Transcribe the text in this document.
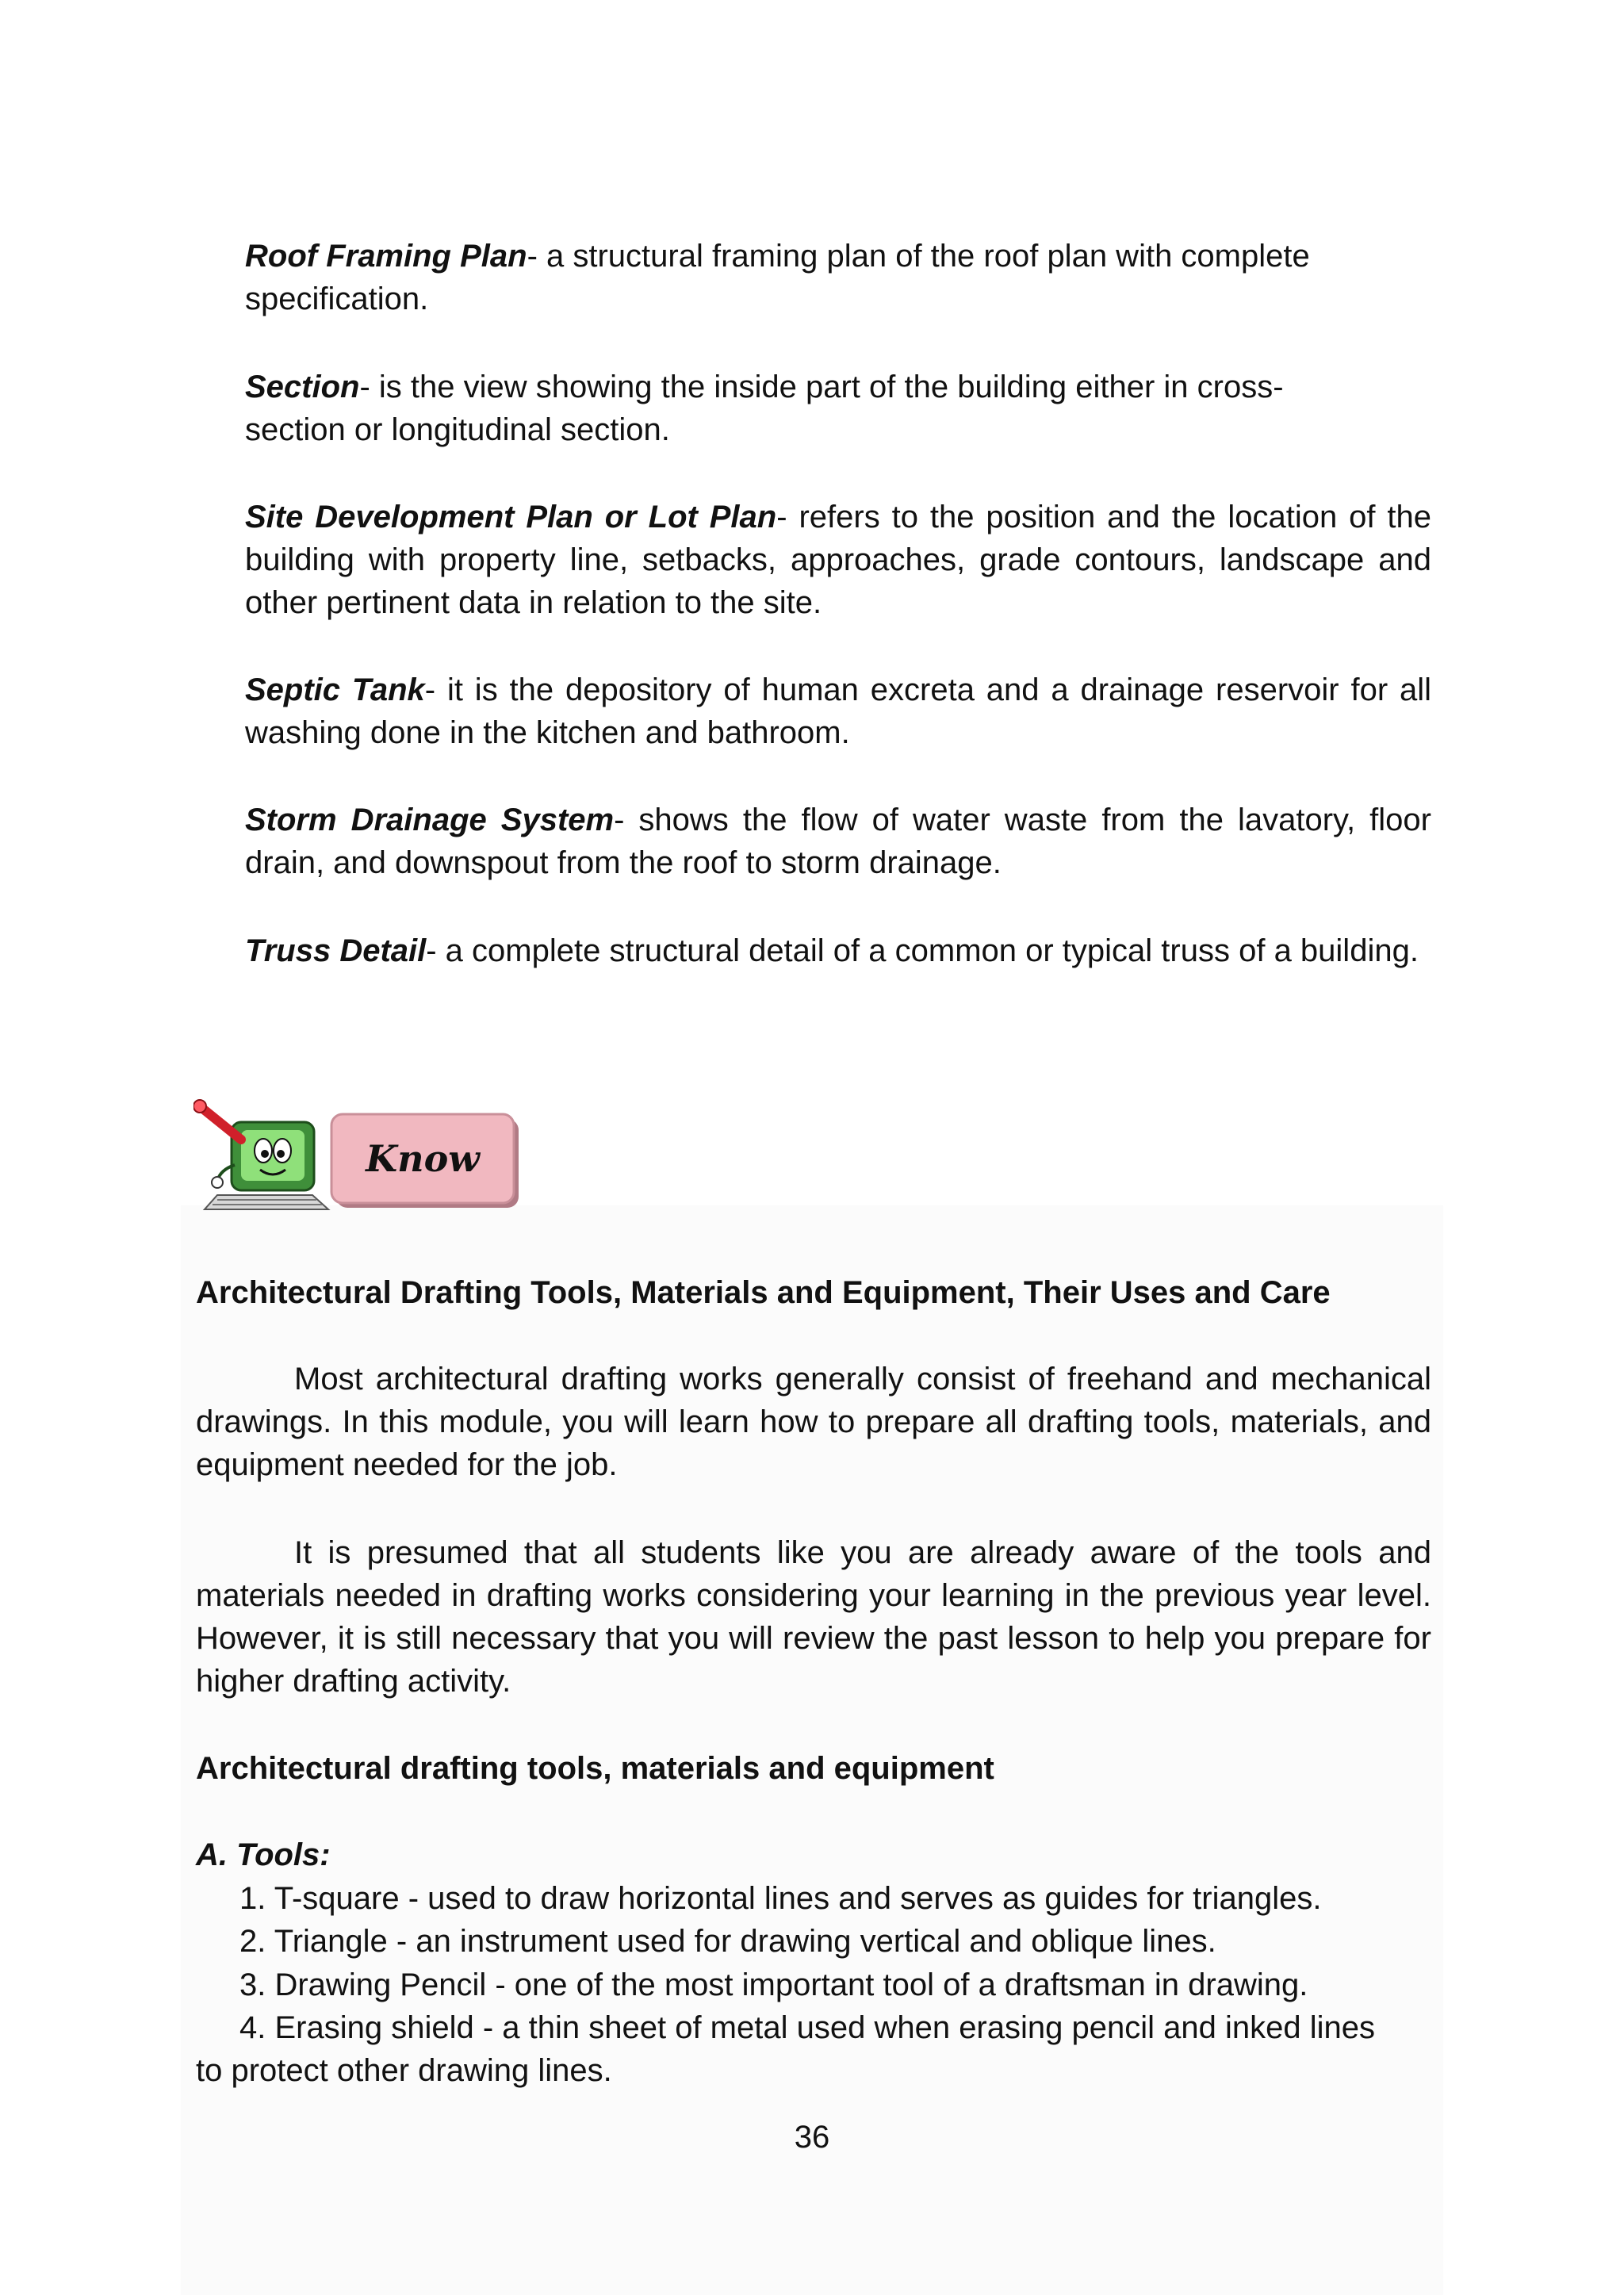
Roof Framing Plan- a structural framing plan of the roof plan with complete specification.

Section- is the view showing the inside part of the building either in cross-section or longitudinal section.

Site Development Plan or Lot Plan- refers to the position and the location of the building with property line, setbacks, approaches, grade contours, landscape and other pertinent data in relation to the site.

Septic Tank- it is the depository of human excreta and a drainage reservoir for all washing done in the kitchen and bathroom.

Storm Drainage System- shows the flow of water waste from the lavatory, floor drain, and downspout from the roof to storm drainage.

Truss Detail- a complete structural detail of a common or typical truss of a building.

Know
Architectural Drafting Tools, Materials and Equipment, Their Uses and Care

Most architectural drafting works generally consist of freehand and mechanical drawings. In this module, you will learn how to prepare all drafting tools, materials, and equipment needed for the job.

It is presumed that all students like you are already aware of the tools and materials needed in drafting works considering your learning in the previous year level. However, it is still necessary that you will review the past lesson to help you prepare for higher drafting activity.

Architectural drafting tools, materials and equipment
A. Tools:
1. T-square - used to draw horizontal lines and serves as guides for triangles.
2. Triangle - an instrument used for drawing vertical and oblique lines.
3. Drawing Pencil - one of the most important tool of a draftsman in drawing.
4. Erasing shield - a thin sheet of metal used when erasing pencil and inked lines
to protect other drawing lines.
36
